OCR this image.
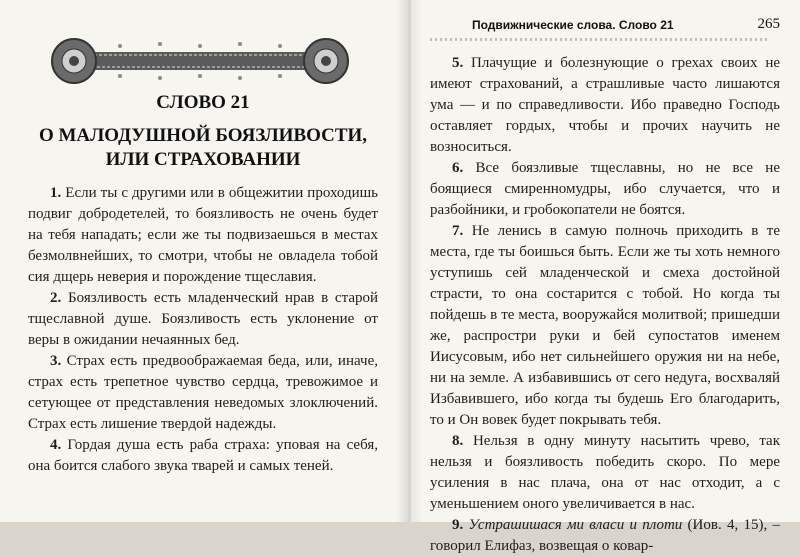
СЛОВО 21
О МАЛОДУШНОЙ БОЯЗЛИВОСТИ,
ИЛИ СТРАХОВАНИИ

1. Если ты с другими или в общежитии проходишь подвиг добродетелей, то боязливость не очень будет на тебя нападать; если же ты подвизаешься в местах безмолвнейших, то смотри, чтобы не овладела тобой сия дщерь неверия и порождение тщеславия.

2. Боязливость есть младенческий нрав в старой тщеславной душе. Боязливость есть уклонение от веры в ожидании нечаянных бед.

3. Страх есть предвоображаемая беда, или, иначе, страх есть трепетное чувство сердца, тревожимое и сетующее от представления неведомых злоключений. Страх есть лишение твердой надежды.

4. Гордая душа есть раба страха: уповая на себя, она боится слабого звука тварей и самых теней.

Подвижнические слова. Слово 21	265

5. Плачущие и болезнующие о грехах своих не имеют страхований, а страшливые часто лишаются ума — и по справедливости. Ибо праведно Господь оставляет гордых, чтобы и прочих научить не возноситься.

6. Все боязливые тщеславны, но не все не боящиеся смиренномудры, ибо случается, что и разбойники, и гробокопатели не боятся.

7. Не ленись в самую полночь приходить в те места, где ты боишься быть. Если же ты хоть немного уступишь сей младенческой и смеха достойной страсти, то она состарится с тобой. Но когда ты пойдешь в те места, вооружайся молитвой; пришедши же, распростри руки и бей супостатов именем Иисусовым, ибо нет сильнейшего оружия ни на небе, ни на земле. А избавившись от сего недуга, восхваляй Избавившего, ибо когда ты будешь Его благодарить, то и Он вовек будет покрывать тебя.

8. Нельзя в одну минуту насытить чрево, так нельзя и боязливость победить скоро. По мере усиления в нас плача, она от нас отходит, а с уменьшением оного увеличивается в нас.

9. Устрашишася ми власи и плоти (Иов. 4, 15), – говорил Елифаз, возвещая о ковар-
